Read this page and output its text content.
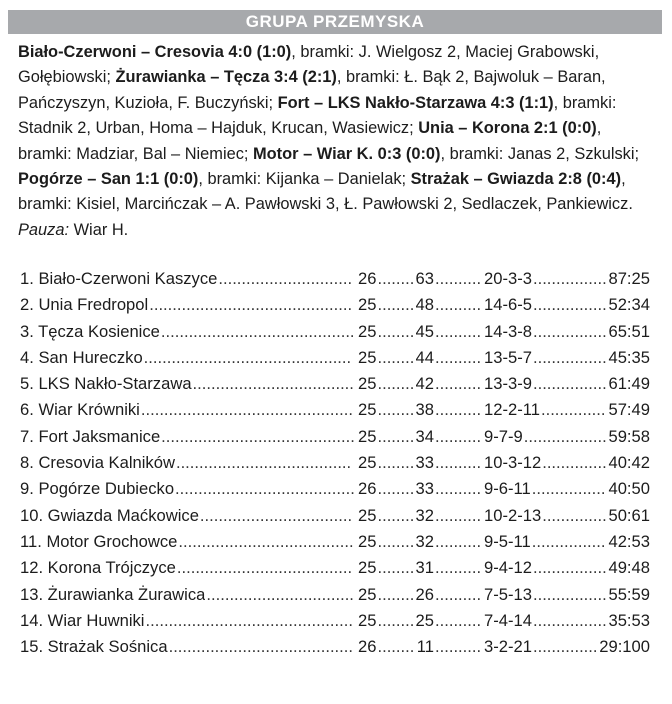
GRUPA PRZEMYSKA
Biało-Czerwoni – Cresovia 4:0 (1:0), bramki: J. Wielgosz 2, Maciej Grabowski, Gołębiowski; Żurawianka – Tęcza 3:4 (2:1), bramki: Ł. Bąk 2, Bajwoluk – Baran, Pańczyszyn, Kuzioła, F. Buczyński; Fort – LKS Nakło-Starzawa 4:3 (1:1), bramki: Stadnik 2, Urban, Homa – Hajduk, Krucan, Wasiewicz; Unia – Korona 2:1 (0:0), bramki: Madziar, Bal – Niemiec; Motor – Wiar K. 0:3 (0:0), bramki: Janas 2, Szkulski; Pogórze – San 1:1 (0:0), bramki: Kijanka – Danielak; Strażak – Gwiazda 2:8 (0:4), bramki: Kisiel, Marcińczak – A. Pawłowski 3, Ł. Pawłowski 2, Sedlaczek, Pankiewicz. Pauza: Wiar H.
1. Biało-Czerwoni Kaszyce	26 ........ 63 .......... 20-3-3 ................ 87:25
.............................
2. Unia Fredropol	25 ........ 48 .......... 14-6-5 ................ 52:34
............................................
3. Tęcza Kosienice	25 ........ 45 .......... 14-3-8 ................ 65:51
..........................................
4. San Hureczko	25 ........ 44 .......... 13-5-7 ................ 45:35
.............................................
5. LKS Nakło-Starzawa	25 ........ 42 .......... 13-3-9 ................ 61:49
...................................
6. Wiar Krówniki	25 ........ 38 .......... 12-2-11 .............. 57:49
..............................................
7. Fort Jaksmanice	25 ........ 34 .......... 9-7-9 .................. 59:58
..........................................
8. Cresovia Kalników	25 ........ 33 .......... 10-3-12 .............. 40:42
......................................
9. Pogórze Dubiecko	26 ........ 33 .......... 9-6-11 ................ 40:50
.......................................
10. Gwiazda Maćkowice	25 ........ 32 .......... 10-2-13 .............. 50:61
.................................
11. Motor Grochowce	25 ........ 32 .......... 9-5-11 ................ 42:53
......................................
12. Korona Trójczyce	25 ........ 31 .......... 9-4-12 ................ 49:48
......................................
13. Żurawianka Żurawica	25 ........ 26 .......... 7-5-13 ................ 55:59
................................
14. Wiar Huwniki	25 ........ 25 .......... 7-4-14 ................ 35:53
.............................................
15. Strażak Sośnica	26 ........ 11 .......... 3-2-21 .............. 29:100
........................................
